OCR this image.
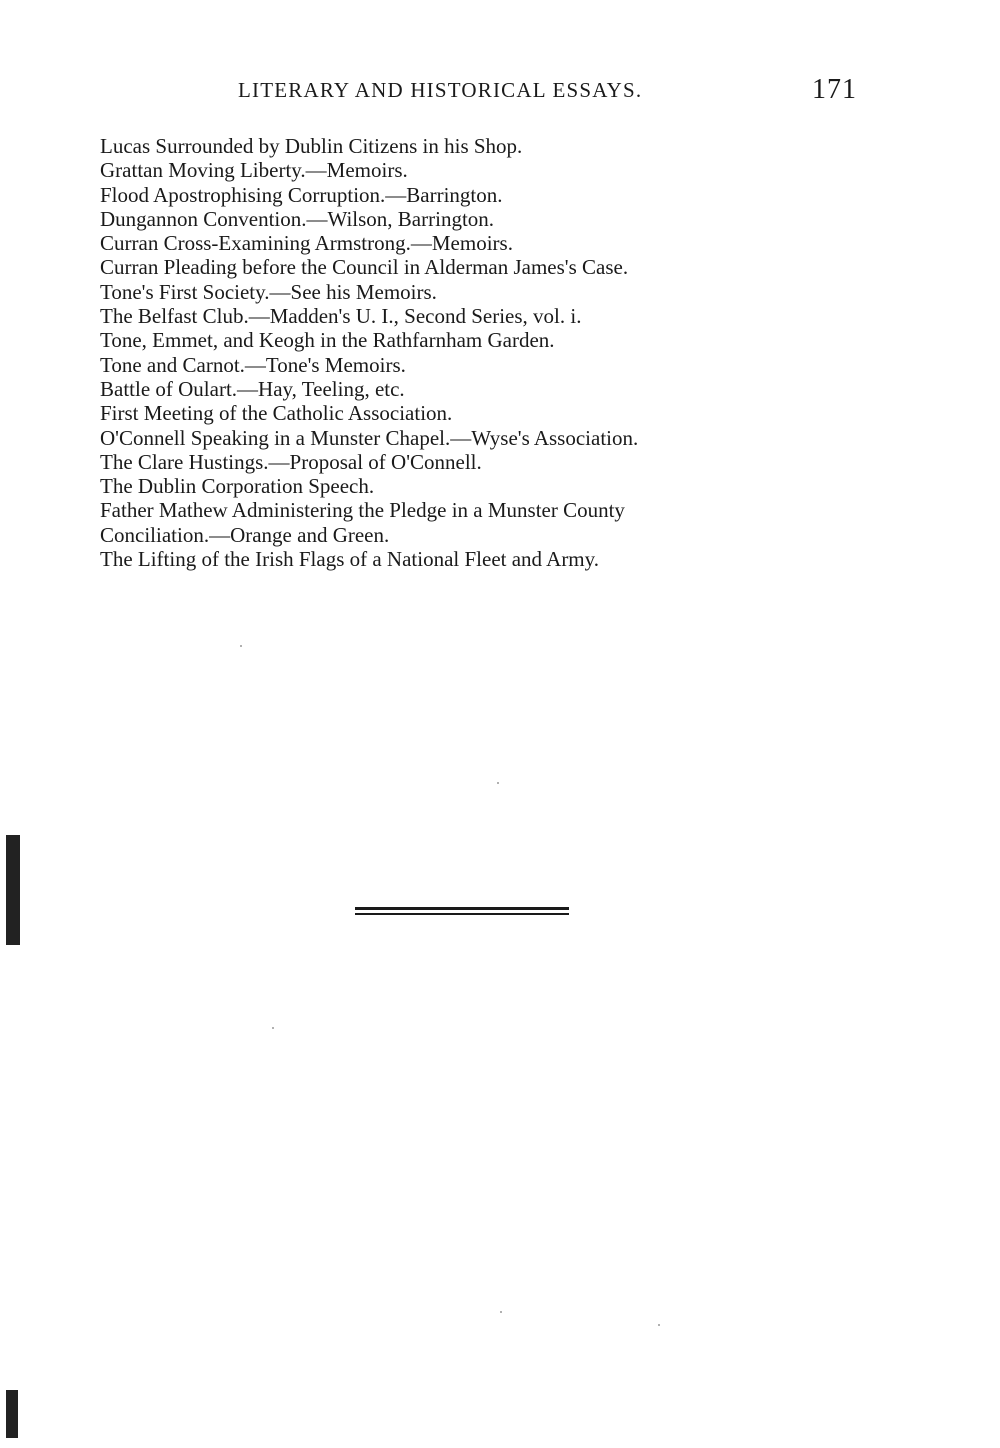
LITERARY AND HISTORICAL ESSAYS.	171
Lucas Surrounded by Dublin Citizens in his Shop.
Grattan Moving Liberty.—Memoirs.
Flood Apostrophising Corruption.—Barrington.
Dungannon Convention.—Wilson, Barrington.
Curran Cross-Examining Armstrong.—Memoirs.
Curran Pleading before the Council in Alderman James's Case.
Tone's First Society.—See his Memoirs.
The Belfast Club.—Madden's U. I., Second Series, vol. i.
Tone, Emmet, and Keogh in the Rathfarnham Garden.
Tone and Carnot.—Tone's Memoirs.
Battle of Oulart.—Hay, Teeling, etc.
First Meeting of the Catholic Association.
O'Connell Speaking in a Munster Chapel.—Wyse's Association.
The Clare Hustings.—Proposal of O'Connell.
The Dublin Corporation Speech.
Father Mathew Administering the Pledge in a Munster County
Conciliation.—Orange and Green.
The Lifting of the Irish Flags of a National Fleet and Army.
